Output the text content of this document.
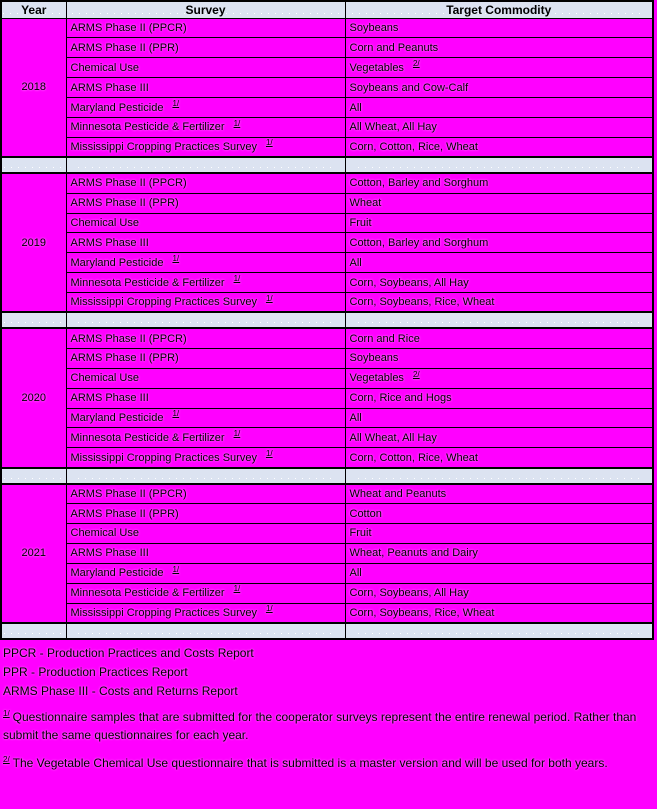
Year	Survey	Target Commodity
2018	ARMS Phase II (PPCR)	Soybeans
	ARMS Phase II (PPR)	Corn and Peanuts
	Chemical Use	Vegetables $^{2/}$
	ARMS Phase III	Soybeans and Cow-Calf
	Maryland Pesticide $^{1/}$	All
	Minnesota Pesticide & Fertilizer $^{1/}$	All Wheat, All Hay
	Mississippi Cropping Practices Survey $^{1/}$	Corn, Cotton, Rice, Wheat

2019	ARMS Phase II (PPCR)	Cotton, Barley and Sorghum
	ARMS Phase II (PPR)	Wheat
	Chemical Use	Fruit
	ARMS Phase III	Cotton, Barley and Sorghum
	Maryland Pesticide $^{1/}$	All
	Minnesota Pesticide & Fertilizer $^{1/}$	Corn, Soybeans, All Hay
	Mississippi Cropping Practices Survey $^{1/}$	Corn, Soybeans, Rice, Wheat

2020	ARMS Phase II (PPCR)	Corn and Rice
	ARMS Phase II (PPR)	Soybeans
	Chemical Use	Vegetables $^{2/}$
	ARMS Phase III	Corn, Rice and Hogs
	Maryland Pesticide $^{1/}$	All
	Minnesota Pesticide & Fertilizer $^{1/}$	All Wheat, All Hay
	Mississippi Cropping Practices Survey $^{1/}$	Corn, Cotton, Rice, Wheat

2021	ARMS Phase II (PPCR)	Wheat and Peanuts
	ARMS Phase II (PPR)	Cotton
	Chemical Use	Fruit
	ARMS Phase III	Wheat, Peanuts and Dairy
	Maryland Pesticide $^{1/}$	All
	Minnesota Pesticide & Fertilizer $^{1/}$	Corn, Soybeans, All Hay
	Mississippi Cropping Practices Survey $^{1/}$	Corn, Soybeans, Rice, Wheat

PPCR - Production Practices and Costs Report
PPR - Production Practices Report
ARMS Phase III - Costs and Returns Report

$^{1/}$ Questionnaire samples that are submitted for the cooperator surveys represent the entire renewal period. Rather than submit the same questionnaires for each year.

$^{2/}$ The Vegetable Chemical Use questionnaire that is submitted is a master version and will be used for both years.
